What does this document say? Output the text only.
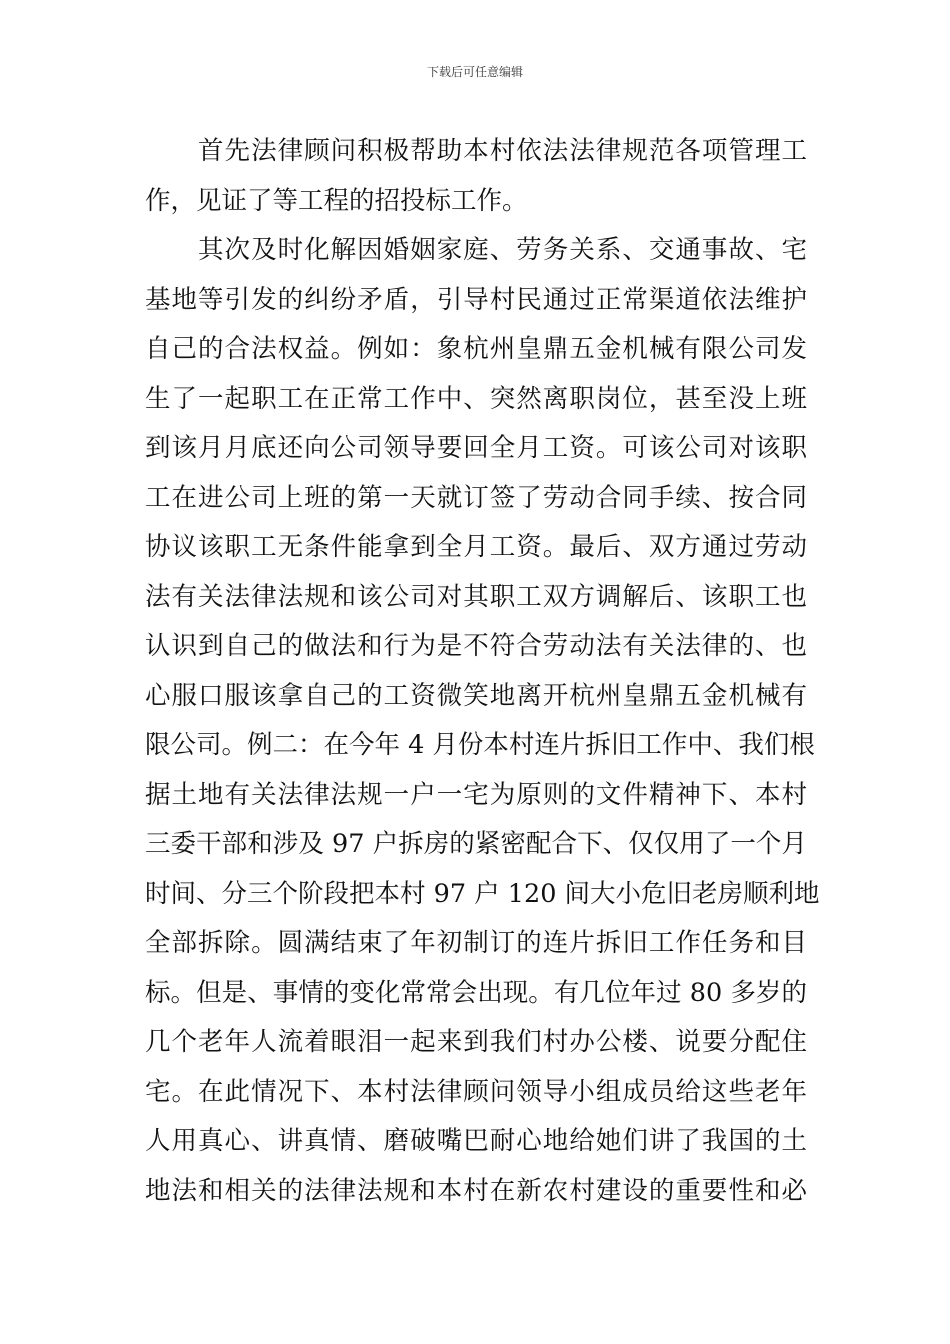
下载后可任意编辑
　　首先法律顾问积极帮助本村依法法律规范各项管理工
作，见证了等工程的招投标工作。
　　其次及时化解因婚姻家庭、劳务关系、交通事故、宅
基地等引发的纠纷矛盾，引导村民通过正常渠道依法维护
自己的合法权益。例如：象杭州皇鼎五金机械有限公司发
生了一起职工在正常工作中、突然离职岗位，甚至没上班
到该月月底还向公司领导要回全月工资。可该公司对该职
工在进公司上班的第一天就订签了劳动合同手续、按合同
协议该职工无条件能拿到全月工资。最后、双方通过劳动
法有关法律法规和该公司对其职工双方调解后、该职工也
认识到自己的做法和行为是不符合劳动法有关法律的、也
心服口服该拿自己的工资微笑地离开杭州皇鼎五金机械有
限公司。例二：在今年 4 月份本村连片拆旧工作中、我们根
据土地有关法律法规一户一宅为原则的文件精神下、本村
三委干部和涉及 97 户拆房的紧密配合下、仅仅用了一个月
时间、分三个阶段把本村 97 户 120 间大小危旧老房顺利地
全部拆除。圆满结束了年初制订的连片拆旧工作任务和目
标。但是、事情的变化常常会出现。有几位年过 80 多岁的
几个老年人流着眼泪一起来到我们村办公楼、说要分配住
宅。在此情况下、本村法律顾问领导小组成员给这些老年
人用真心、讲真情、磨破嘴巴耐心地给她们讲了我国的土
地法和相关的法律法规和本村在新农村建设的重要性和必
